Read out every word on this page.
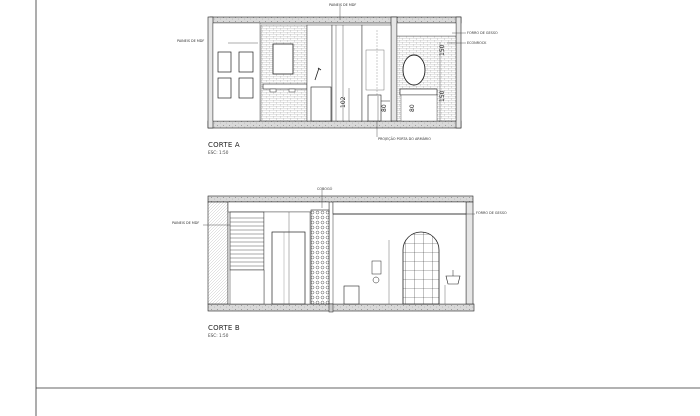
102
80
150
150
80
PAINEIS DE MDF
PAINEIS DE MDF
FORRO DE GESSO
ECONROCK
PROJEÇÃO PORTA DO ARMÁRIO
CORTE A
ESC: 1:50
COBOGÓ
PAINEIS DE MDF
FORRO DE GESSO
CORTE B
ESC: 1:50
